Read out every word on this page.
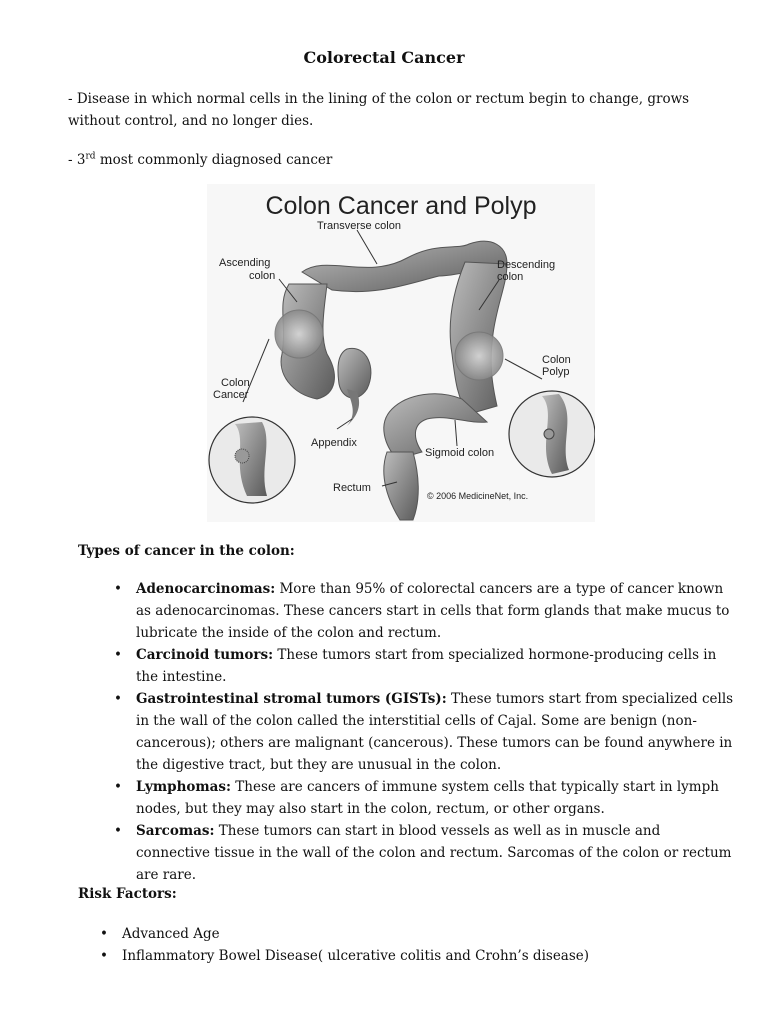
Colorectal Cancer
- Disease in which normal cells in the lining of the colon or rectum begin to change, grows without control, and no longer dies.
- 3rd most commonly diagnosed cancer
Colon Cancer and Polyp
Transverse colon
Ascending
colon
Descending
colon
Colon
Polyp
Colon
Cancer
Appendix
Sigmoid colon
Rectum
© 2006 MedicineNet, Inc.
Types of cancer in the colon:
• Adenocarcinomas: More than 95% of colorectal cancers are a type of cancer known as adenocarcinomas. These cancers start in cells that form glands that make mucus to lubricate the inside of the colon and rectum.
• Carcinoid tumors: These tumors start from specialized hormone-producing cells in the intestine.
• Gastrointestinal stromal tumors (GISTs): These tumors start from specialized cells in the wall of the colon called the interstitial cells of Cajal. Some are benign (non-cancerous); others are malignant (cancerous). These tumors can be found anywhere in the digestive tract, but they are unusual in the colon.
• Lymphomas: These are cancers of immune system cells that typically start in lymph nodes, but they may also start in the colon, rectum, or other organs.
• Sarcomas: These tumors can start in blood vessels as well as in muscle and connective tissue in the wall of the colon and rectum. Sarcomas of the colon or rectum are rare.
Risk Factors:
• Advanced Age
• Inflammatory Bowel Disease( ulcerative colitis and Crohn’s disease)
